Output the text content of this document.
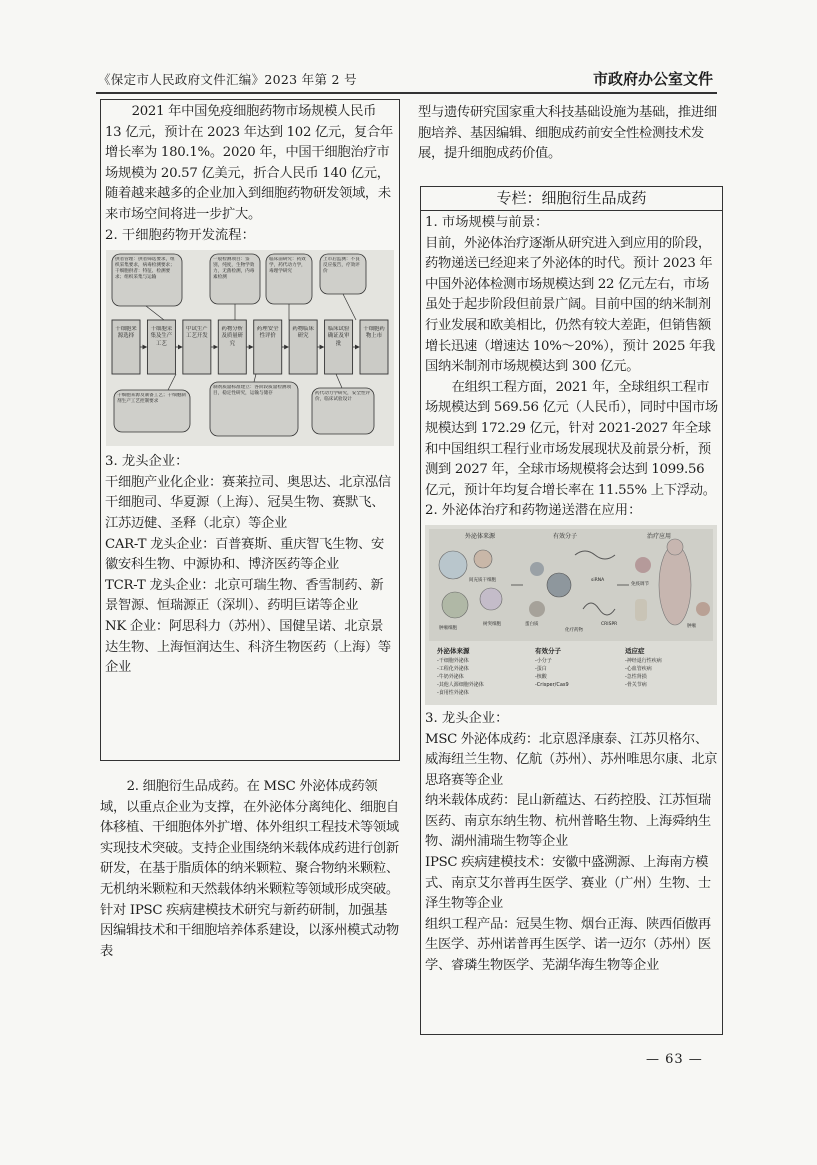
《保定市人民政府文件汇编》2023 年第 2 号	市政府办公室文件

2021 年中国免疫细胞药物市场规模人民币 13 亿元，预计在 2023 年达到 102 亿元，复合年增长率为 180.1%。2020 年，中国干细胞治疗市场规模为 20.57 亿美元，折合人民币 140 亿元，随着越来越多的企业加入到细胞药物研发领域，未来市场空间将进一步扩大。

2. 干细胞药物开发流程：

供者管理：供者筛选要求，组织采集要求，病毒检测要求；干细胞供者：特征、检测要求；组织采集与运输
一般检测项目：鉴别，纯度，生物学效力，无菌检测，内毒素检测
临床前研究：药效学，药代动力学，毒理学研究
上市后监测：不良反应报告，疗效评价
干细胞来源选择
干细胞采集及生产工艺
中试生产工艺开发
药物分析及质量研究
药理安全性评价
药物临床研究
临床试验确证及审批
干细胞药物上市
干细胞来源及制备工艺；干细胞制剂生产工艺控制要求
制剂质量标准建立：各阶段质量检测项目，稳定性研究，运输与储存	药代动力学研究，安全性评价，临床试验设计

3. 龙头企业：

干细胞产业化企业：赛莱拉司、奥思达、北京泓信干细胞司、华夏源（上海）、冠昊生物、赛默飞、江苏迈健、圣释（北京）等企业

CAR-T 龙头企业：百普赛斯、重庆智飞生物、安徽安科生物、中源协和、博济医药等企业

TCR-T 龙头企业：北京可瑞生物、香雪制药、新景智源、恒瑞源正（深圳）、药明巨诺等企业

NK 企业：阿思科力（苏州）、国健呈诺、北京景达生物、上海恒润达生、科济生物医药（上海）等企业

2. 细胞衍生品成药。在 MSC 外泌体成药领域，以重点企业为支撑，在外泌体分离纯化、细胞自体移植、干细胞体外扩增、体外组织工程技术等领域实现技术突破。支持企业围绕纳米载体成药进行创新研发，在基于脂质体的纳米颗粒、聚合物纳米颗粒、无机纳米颗粒和天然载体纳米颗粒等领域形成突破。针对 IPSC 疾病建模技术研究与新药研制，加强基因编辑技术和干细胞培养体系建设，以涿州模式动物表

型与遗传研究国家重大科技基础设施为基础，推进细胞培养、基因编辑、细胞成药前安全性检测技术发展，提升细胞成药价值。

专栏：细胞衍生品成药

1. 市场规模与前景：

目前，外泌体治疗逐渐从研究进入到应用的阶段，药物递送已经迎来了外泌体的时代。预计 2023 年中国外泌体检测市场规模达到 22 亿元左右，市场虽处于起步阶段但前景广阔。目前中国的纳米制剂行业发展和欧美相比，仍然有较大差距，但销售额增长迅速（增速达 10%～20%），预计 2025 年我国纳米制剂市场规模达到 300 亿元。

在组织工程方面，2021 年，全球组织工程市场规模达到 569.56 亿元（人民币），同时中国市场规模达到 172.29 亿元，针对 2021-2027 年全球和中国组织工程行业市场发展现状及前景分析，预测到 2027 年，全球市场规模将会达到 1099.56 亿元，预计年均复合增长率在 11.55% 上下浮动。

2. 外泌体治疗和药物递送潜在应用：

外泌体来源	有效分子	治疗应用
间充质干细胞
肿瘤细胞
树突细胞
siRNA
蛋白质
化疗药物
CRISPR
免疫调节
肿瘤
外泌体来源
-干细胞外泌体
-工程化外泌体
-牛奶外泌体
-其他人源细胞外泌体
-食用性外泌体
有效分子
-小分子
-蛋白
-核酸
-Crisper/Cas9
适应症
-神经退行性疾病
-心血管疾病
-急性肾损
-骨关节病

3. 龙头企业：

MSC 外泌体成药：北京恩泽康泰、江苏贝格尔、威海纽兰生物、亿航（苏州）、苏州唯思尔康、北京思珞赛等企业

纳米载体成药：昆山新蕴达、石药控股、江苏恒瑞医药、南京东纳生物、杭州普略生物、上海舜纳生物、湖州浦瑞生物等企业

IPSC 疾病建模技术：安徽中盛溯源、上海南方模式、南京艾尔普再生医学、赛业（广州）生物、士泽生物等企业

组织工程产品：冠昊生物、烟台正海、陕西佰傲再生医学、苏州诺普再生医学、诺一迈尔（苏州）医学、睿璘生物医学、芜湖华海生物等企业

— 63 —
